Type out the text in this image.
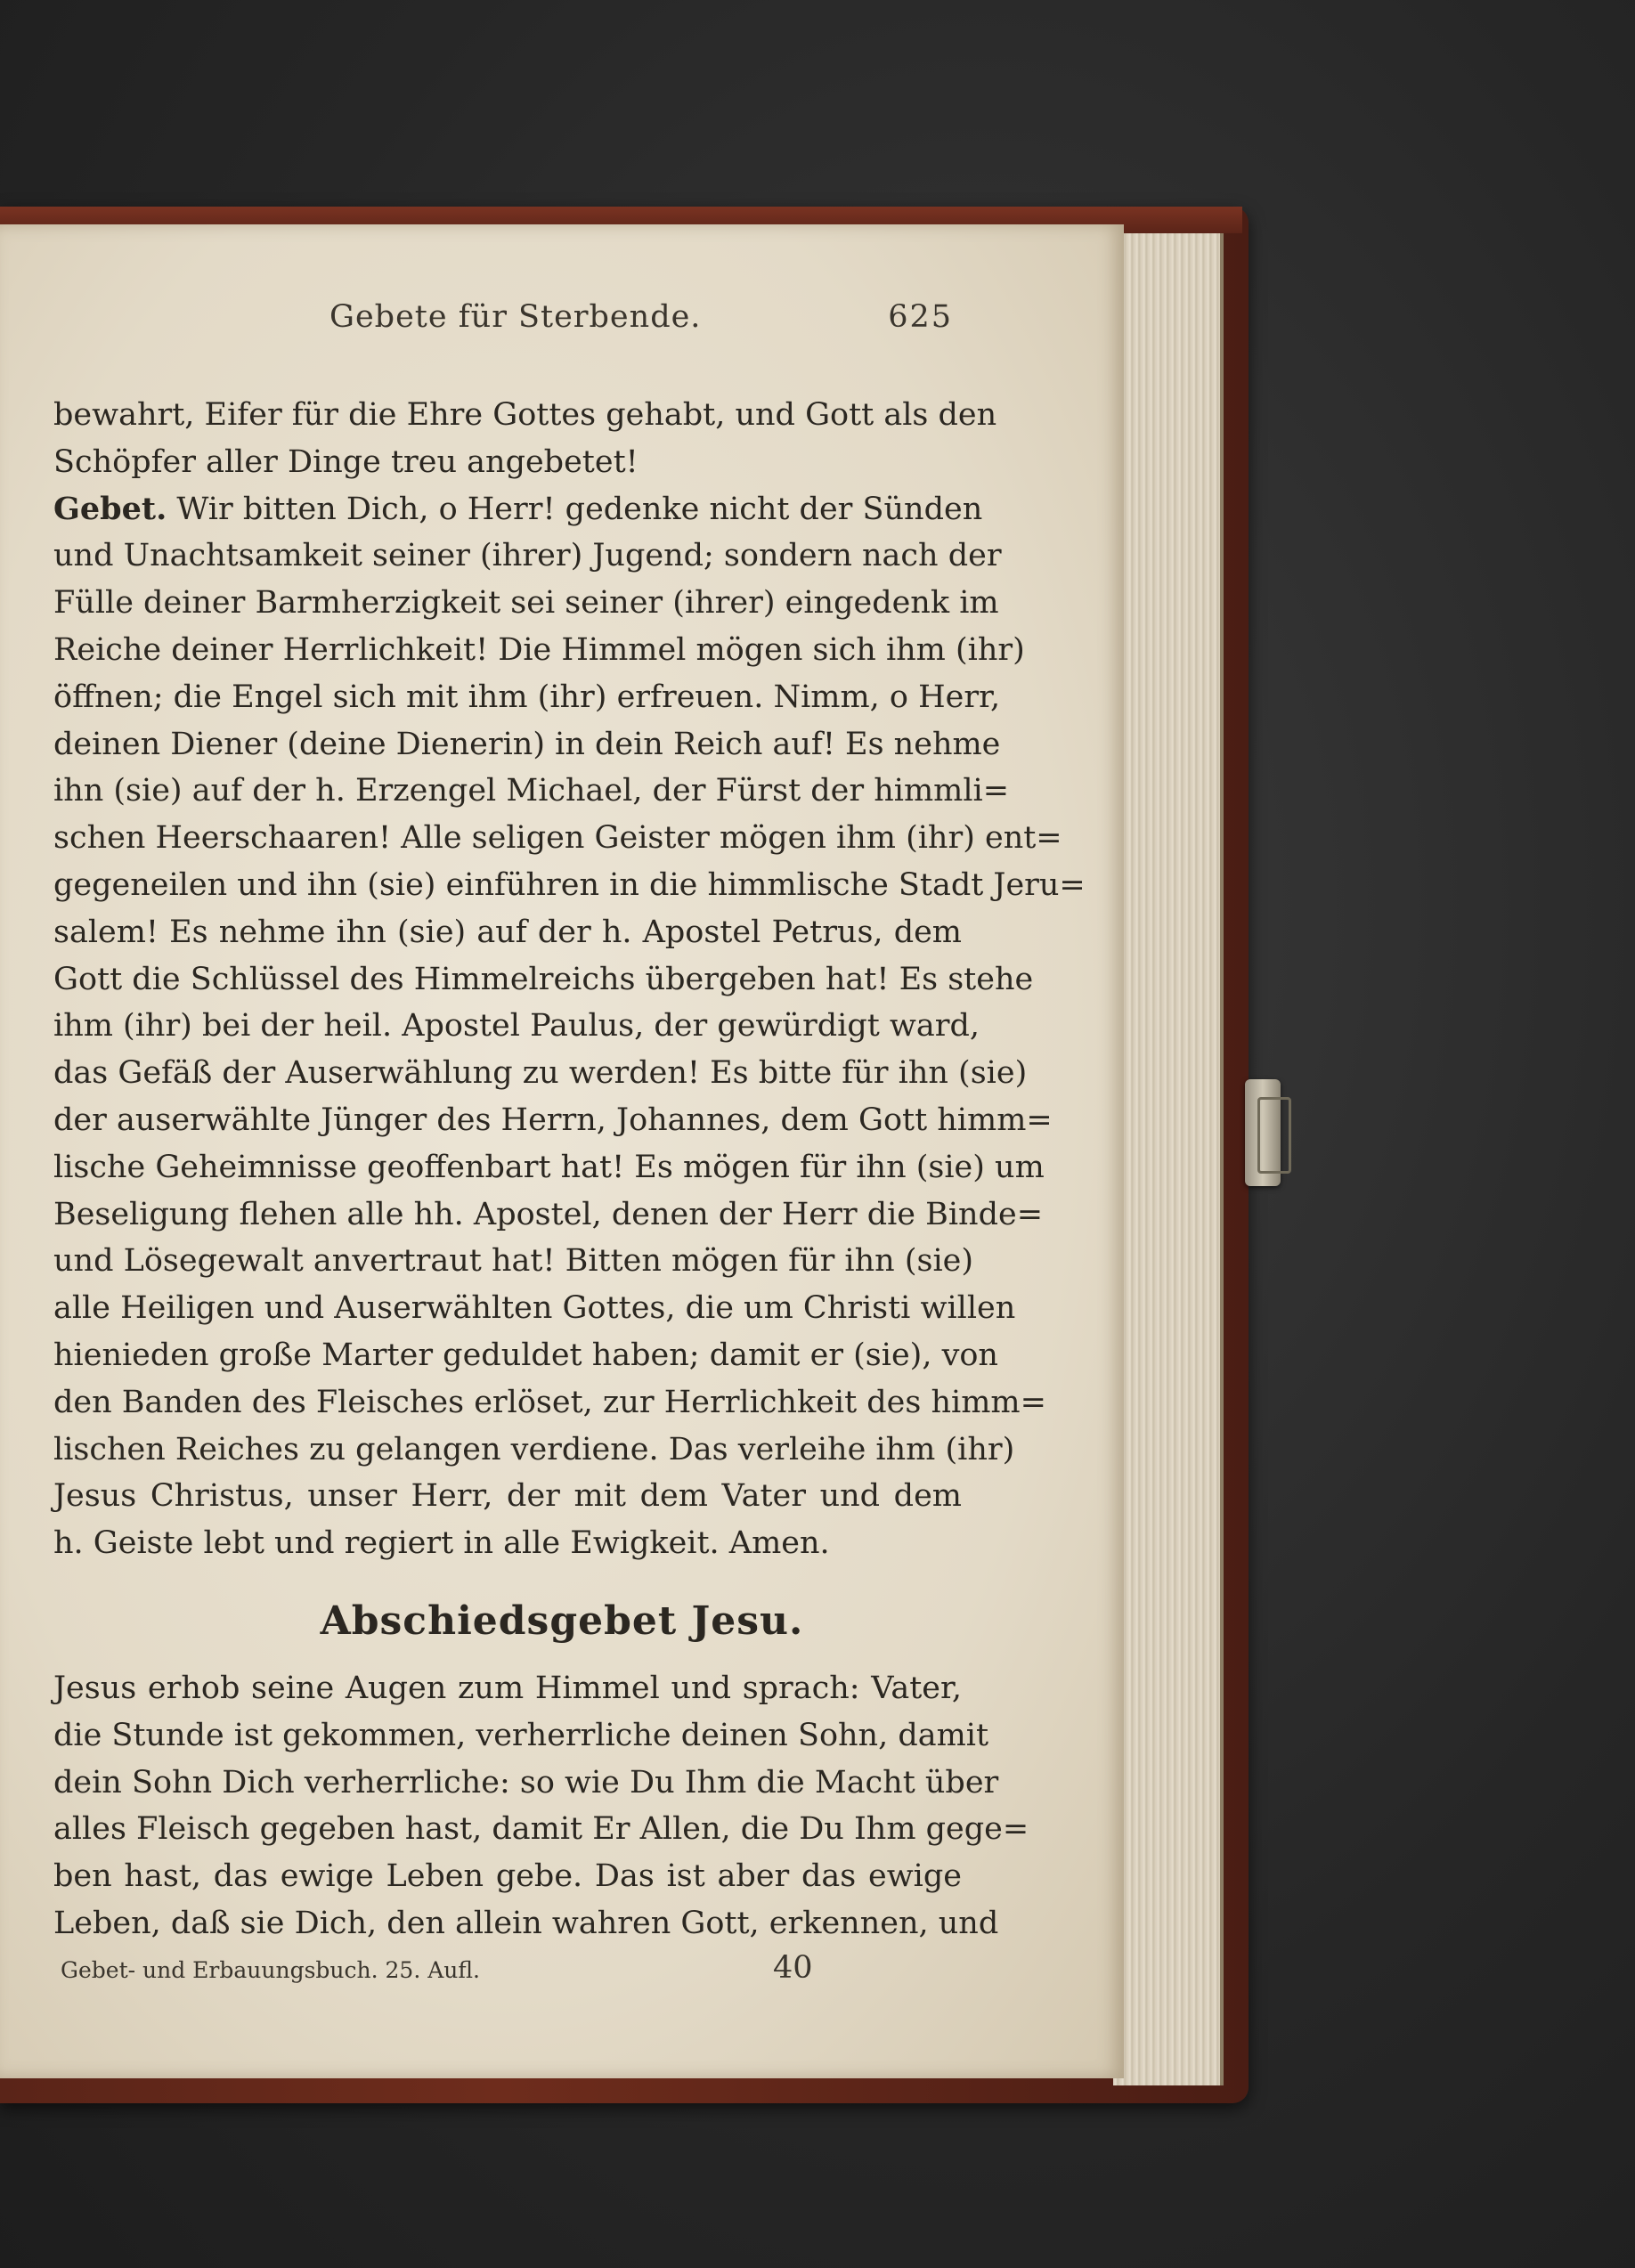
Gebete für Sterbende.	625
bewahrt, Eifer für die Ehre Gottes gehabt, und Gott als den
Schöpfer aller Dinge treu angebetet!
Gebet. Wir bitten Dich, o Herr! gedenke nicht der Sünden
und Unachtsamkeit seiner (ihrer) Jugend; sondern nach der
Fülle deiner Barmherzigkeit sei seiner (ihrer) eingedenk im
Reiche deiner Herrlichkeit! Die Himmel mögen sich ihm (ihr)
öffnen; die Engel sich mit ihm (ihr) erfreuen. Nimm, o Herr,
deinen Diener (deine Dienerin) in dein Reich auf! Es nehme
ihn (sie) auf der h. Erzengel Michael, der Fürst der himmli=
schen Heerschaaren! Alle seligen Geister mögen ihm (ihr) ent=
gegeneilen und ihn (sie) einführen in die himmlische Stadt Jeru=
salem! Es nehme ihn (sie) auf der h. Apostel Petrus, dem
Gott die Schlüssel des Himmelreichs übergeben hat! Es stehe
ihm (ihr) bei der heil. Apostel Paulus, der gewürdigt ward,
das Gefäß der Auserwählung zu werden! Es bitte für ihn (sie)
der auserwählte Jünger des Herrn, Johannes, dem Gott himm=
lische Geheimnisse geoffenbart hat! Es mögen für ihn (sie) um
Beseligung flehen alle hh. Apostel, denen der Herr die Binde=
und Lösegewalt anvertraut hat! Bitten mögen für ihn (sie)
alle Heiligen und Auserwählten Gottes, die um Christi willen
hienieden große Marter geduldet haben; damit er (sie), von
den Banden des Fleisches erlöset, zur Herrlichkeit des himm=
lischen Reiches zu gelangen verdiene. Das verleihe ihm (ihr)
Jesus Christus, unser Herr, der mit dem Vater und dem
h. Geiste lebt und regiert in alle Ewigkeit. Amen.
Abschiedsgebet Jesu.
Jesus erhob seine Augen zum Himmel und sprach: Vater,
die Stunde ist gekommen, verherrliche deinen Sohn, damit
dein Sohn Dich verherrliche: so wie Du Ihm die Macht über
alles Fleisch gegeben hast, damit Er Allen, die Du Ihm gege=
ben hast, das ewige Leben gebe. Das ist aber das ewige
Leben, daß sie Dich, den allein wahren Gott, erkennen, und
Gebet- und Erbauungsbuch. 25. Aufl.	40
